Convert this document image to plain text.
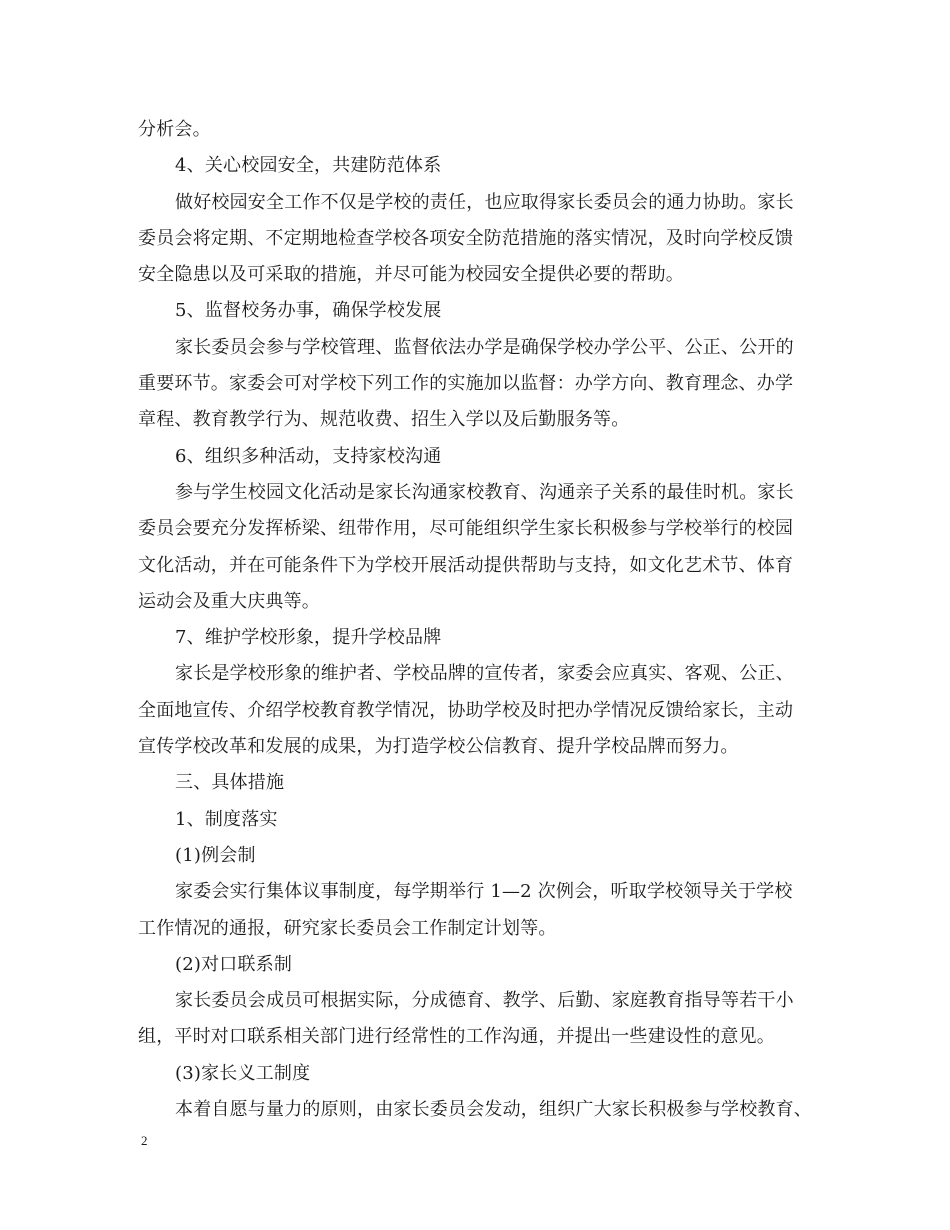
分析会。
4、关心校园安全，共建防范体系
做好校园安全工作不仅是学校的责任，也应取得家长委员会的通力协助。家长
委员会将定期、不定期地检查学校各项安全防范措施的落实情况，及时向学校反馈
安全隐患以及可采取的措施，并尽可能为校园安全提供必要的帮助。
5、监督校务办事，确保学校发展
家长委员会参与学校管理、监督依法办学是确保学校办学公平、公正、公开的
重要环节。家委会可对学校下列工作的实施加以监督：办学方向、教育理念、办学
章程、教育教学行为、规范收费、招生入学以及后勤服务等。
6、组织多种活动，支持家校沟通
参与学生校园文化活动是家长沟通家校教育、沟通亲子关系的最佳时机。家长
委员会要充分发挥桥梁、纽带作用，尽可能组织学生家长积极参与学校举行的校园
文化活动，并在可能条件下为学校开展活动提供帮助与支持，如文化艺术节、体育
运动会及重大庆典等。
7、维护学校形象，提升学校品牌
家长是学校形象的维护者、学校品牌的宣传者，家委会应真实、客观、公正、
全面地宣传、介绍学校教育教学情况，协助学校及时把办学情况反馈给家长，主动
宣传学校改革和发展的成果，为打造学校公信教育、提升学校品牌而努力。
三、具体措施
1、制度落实
(1)例会制
家委会实行集体议事制度，每学期举行 1—2 次例会，听取学校领导关于学校
工作情况的通报，研究家长委员会工作制定计划等。
(2)对口联系制
家长委员会成员可根据实际，分成德育、教学、后勤、家庭教育指导等若干小
组，平时对口联系相关部门进行经常性的工作沟通，并提出一些建设性的意见。
(3)家长义工制度
本着自愿与量力的原则，由家长委员会发动，组织广大家长积极参与学校教育、
2
